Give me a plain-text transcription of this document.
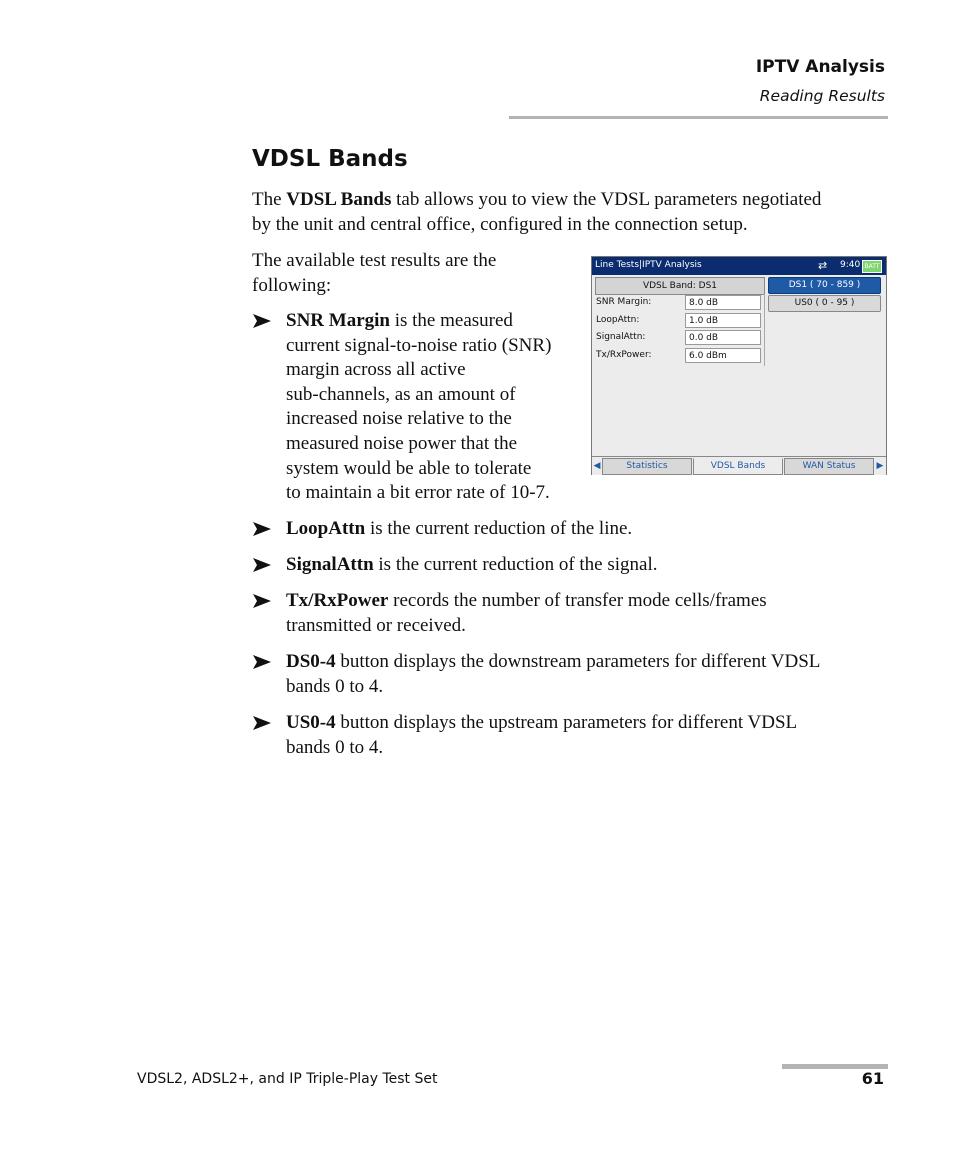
IPTV Analysis
Reading Results
VDSL Bands
The VDSL Bands tab allows you to view the VDSL parameters negotiated
by the unit and central office, configured in the connection setup.
The available test results are the
following:
SNR Margin is the measured
current signal-to-noise ratio (SNR)
margin across all active
sub-channels, as an amount of
increased noise relative to the
measured noise power that the
system would be able to tolerate
to maintain a bit error rate of 10-7.
LoopAttn is the current reduction of the line.
SignalAttn is the current reduction of the signal.
Tx/RxPower records the number of transfer mode cells/frames
transmitted or received.
DS0-4 button displays the downstream parameters for different VDSL
bands 0 to 4.
US0-4 button displays the upstream parameters for different VDSL
bands 0 to 4.
Line Tests|IPTV Analysis	⇄ 9:40 BATT
VDSL Band: DS1
SNR Margin:	8.0 dB
LoopAttn:	1.0 dB
SignalAttn:	0.0 dB
Tx/RxPower:	6.0 dBm
DS1 ( 70 - 859 )
US0 ( 0 - 95 )
◀	Statistics	VDSL Bands	WAN Status	▶
VDSL2, ADSL2+, and IP Triple-Play Test Set	61
